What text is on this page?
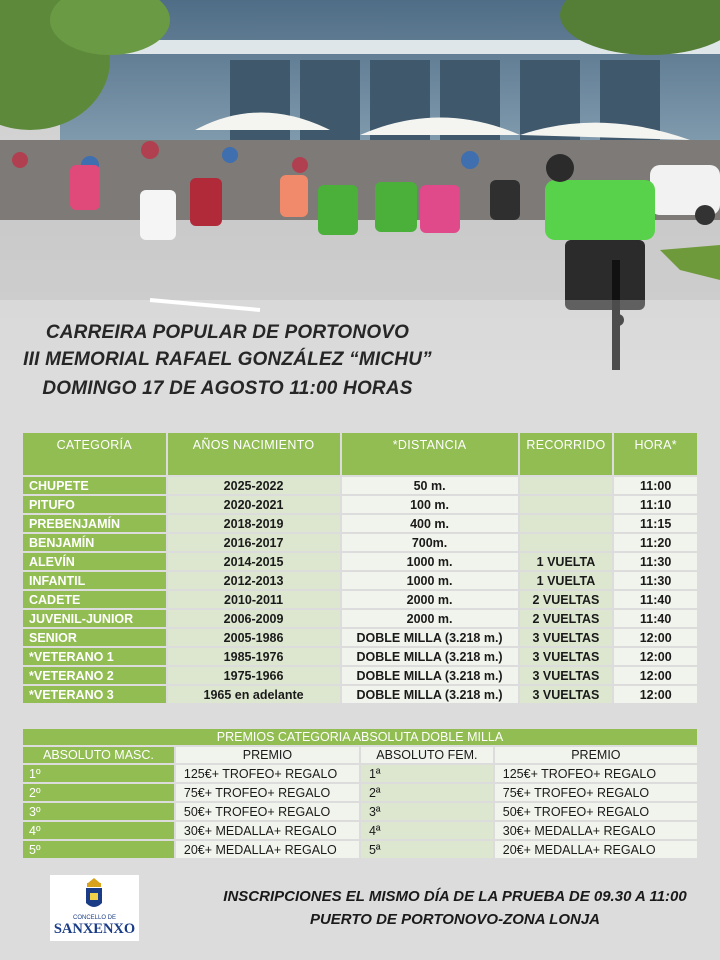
CARREIRA POPULAR DE PORTONOVO
III MEMORIAL RAFAEL GONZÁLEZ “MICHU”
DOMINGO 17 DE AGOSTO 11:00 HORAS
CATEGORÍA	AÑOS NACIMIENTO	*DISTANCIA	RECORRIDO	HORA*
CHUPETE	2025-2022	50 m.		11:00
PITUFO	2020-2021	100 m.		11:10
PREBENJAMÍN	2018-2019	400 m.		11:15
BENJAMÍN	2016-2017	700m.		11:20
ALEVÍN	2014-2015	1000 m.	1 VUELTA	11:30
INFANTIL	2012-2013	1000 m.	1 VUELTA	11:30
CADETE	2010-2011	2000 m.	2 VUELTAS	11:40
JUVENIL-JUNIOR	2006-2009	2000 m.	2 VUELTAS	11:40
SENIOR	2005-1986	DOBLE MILLA (3.218 m.)	3 VUELTAS	12:00
*VETERANO 1	1985-1976	DOBLE MILLA (3.218 m.)	3 VUELTAS	12:00
*VETERANO 2	1975-1966	DOBLE MILLA (3.218 m.)	3 VUELTAS	12:00
*VETERANO 3	1965 en adelante	DOBLE MILLA (3.218 m.)	3 VUELTAS	12:00
PREMIOS CATEGORIA ABSOLUTA DOBLE MILLA			
ABSOLUTO MASC.	PREMIO	ABSOLUTO FEM.	PREMIO
1º	125€+ TROFEO+ REGALO	1ª	125€+ TROFEO+ REGALO
2º	75€+ TROFEO+ REGALO	2ª	75€+ TROFEO+ REGALO
3º	50€+ TROFEO+ REGALO	3ª	50€+ TROFEO+ REGALO
4º	30€+ MEDALLA+ REGALO	4ª	30€+ MEDALLA+ REGALO
5º	20€+ MEDALLA+ REGALO	5ª	20€+ MEDALLA+ REGALO
CONCELLO DE
SANXENXO
INSCRIPCIONES EL MISMO DÍA DE LA PRUEBA DE 09.30 A 11:00
PUERTO DE PORTONOVO-ZONA LONJA
